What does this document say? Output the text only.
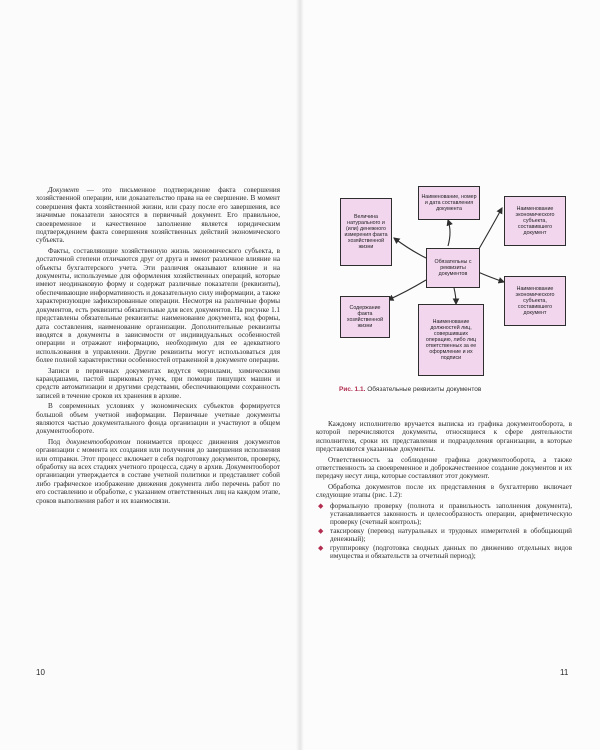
Документ — это письменное подтверждение факта совершения хозяйственной операции, или доказательство права на ее свершение. В момент совершения факта хозяйственной жизни, или сразу после его завершения, все значимые показатели заносятся в первичный документ. Его правильное, своевременное и качественное заполнение является юридическим подтверждением факта совершения хозяйственных действий экономического субъекта.

Факты, составляющие хозяйственную жизнь экономического субъекта, в достаточной степени отличаются друг от друга и имеют различное влияние на объекты бухгалтерского учета. Эти различия оказывают влияние и на документы, используемые для оформления хозяйственных операций, которые имеют неодинаковую форму и содержат различные показатели (реквизиты), обеспечивающие информативность и доказательную силу информации, а также характеризующие зафиксированные операции. Несмотря на различные формы документов, есть реквизиты обязательные для всех документов. На рисунке 1.1 представлены обязательные реквизиты: наименование документа, код формы, дата составления, наименование организации. Дополнительные реквизиты вводятся в документы в зависимости от индивидуальных особенностей операции и отражают информацию, необходимую для ее адекватного использования в управлении. Другие реквизиты могут использоваться для более полной характеристики особенностей отраженной в документе операции.

Записи в первичных документах ведутся чернилами, химическими карандашами, пастой шариковых ручек, при помощи пишущих машин и средств автоматизации и другими средствами, обеспечивающими сохранность записей в течение сроков их хранения в архиве.

В современных условиях у экономических субъектов формируется большой объем учетной информации. Первичные учетные документы являются частью документального фонда организации и участвуют в общем документообороте.

Под документооборотом понимается процесс движения документов организации с момента их создания или получения до завершения исполнения или отправки. Этот процесс включает в себя подготовку документов, проверку, обработку на всех стадиях учетного процесса, сдачу в архив. Документооборот организации утверждается в составе учетной политики и представляет собой либо графическое изображение движения документа либо перечень работ по его составлению и обработке, с указанием ответственных лиц на каждом этапе, сроков выполнения работ и их взаимосвязи.

10
Величина натурального и (или) денежного измерения факта хозяйственной жизни
Наименование, номер и дата составления документа	Наименование экономического субъекта, составившего документ
Обязательны с реквизиты документов
Наименование экономического субъекта, составившего документ
Содержание факта хозяйственной жизни
Наименование должностей лиц, совершивших операцию, либо лиц ответственных за ее оформление и их подписи
Рис. 1.1. Обязательные реквизиты документов

Каждому исполнителю вручается выписка из графика документооборота, в которой перечисляются документы, относящиеся к сфере деятельности исполнителя, сроки их представления и подразделения организации, в которые представляются указанные документы.

Ответственность за соблюдение графика документооборота, а также ответственность за своевременное и доброкачественное создание документов и их передачу несут лица, которые составляют этот документ.

Обработка документов после их представления в бухгалтерию включает следующие этапы (рис. 1.2):

◆ формальную проверку (полнота и правильность заполнения документа), устанавливается законность и целесообразность операции, арифметическую проверку (счетный контроль);
◆ таксировку (перевод натуральных и трудовых измерителей в обобщающий денежный);
◆ группировку (подготовка сводных данных по движению отдельных видов имущества и обязательств за отчетный период);
11
